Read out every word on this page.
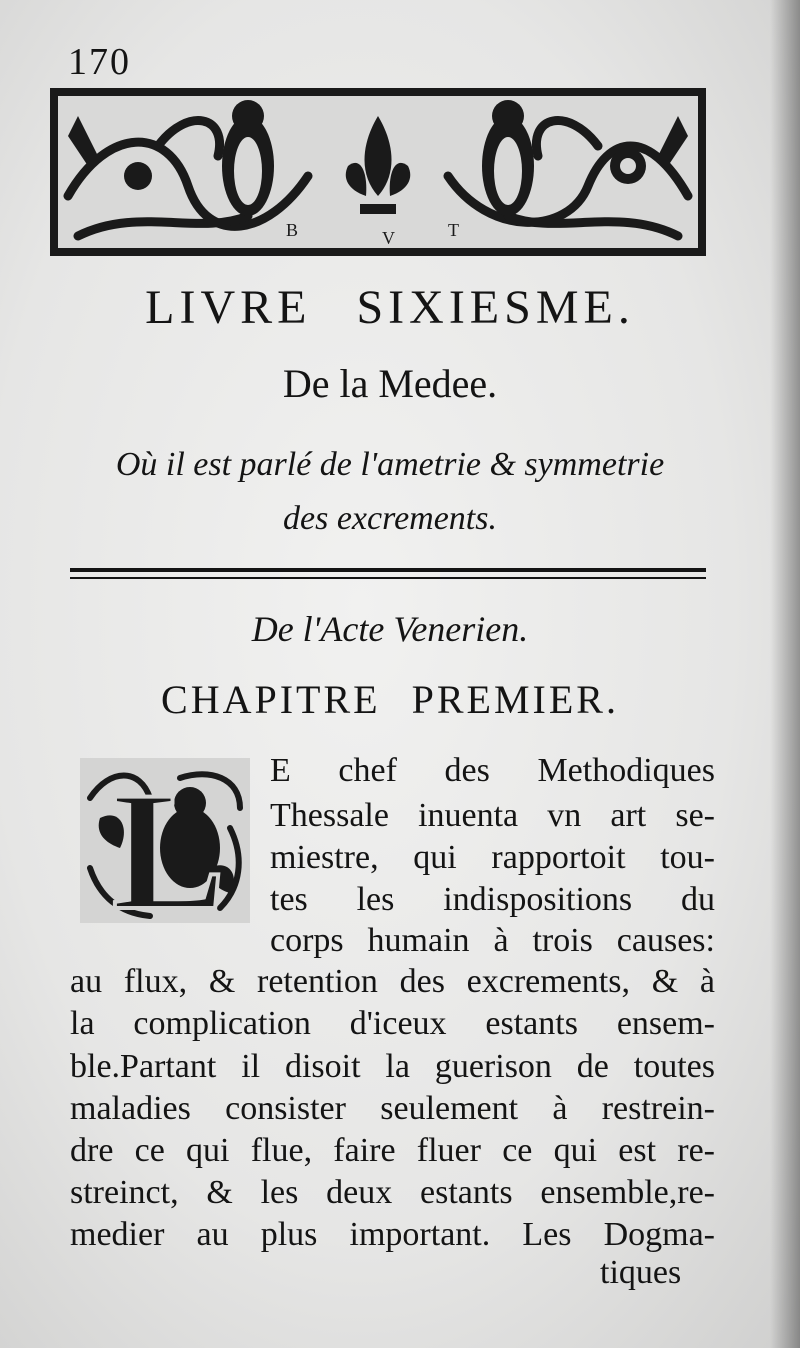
170
B	V	T
LIVRE SIXIESME.
De la Medee.
Où il est parlé de l'ametrie & symmetrie
des excrements.
De l'Acte Venerien.
CHAPITRE PREMIER.
L E chef des Methodiques
Thessale inuenta vn art se-
miestre, qui rapportoit tou-
tes les indispositions du
corps humain à trois causes:
au flux, & retention des excrements, & à
la complication d'iceux estants ensem-
ble.Partant il disoit la guerison de toutes
maladies consister seulement à restrein-
dre ce qui flue, faire fluer ce qui est re-
streinct, & les deux estants ensemble,re-
medier au plus important. Les Dogma-
tiques
